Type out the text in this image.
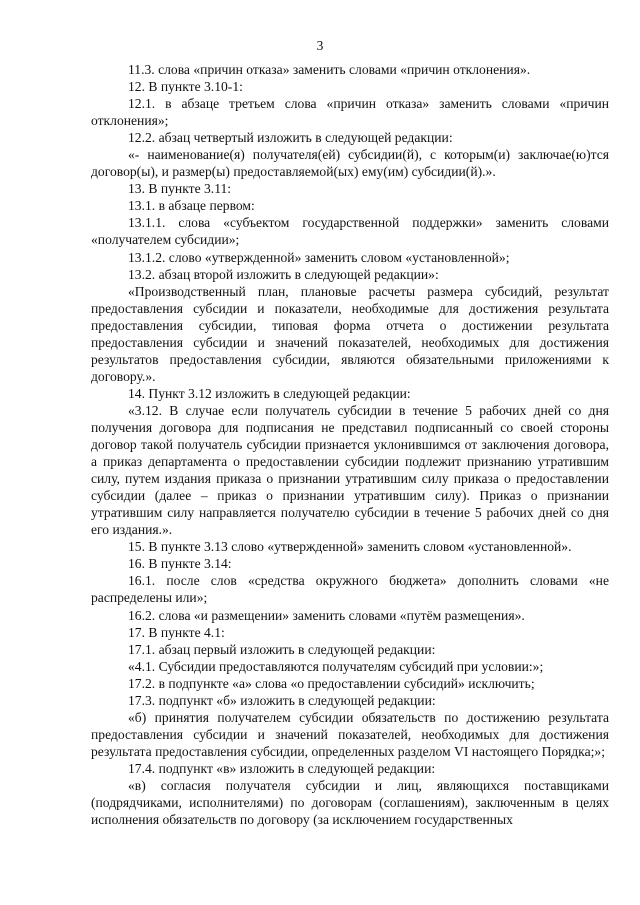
3

11.3. слова «причин отказа» заменить словами «причин отклонения».

12. В пункте 3.10-1:

12.1. в абзаце третьем слова «причин отказа» заменить словами «причин отклонения»;

12.2. абзац четвертый изложить в следующей редакции:

«- наименование(я) получателя(ей) субсидии(й), с которым(и) заключае(ю)тся договор(ы), и размер(ы) предоставляемой(ых) ему(им) субсидии(й).».

13. В пункте 3.11:

13.1. в абзаце первом:

13.1.1. слова «субъектом государственной поддержки» заменить словами «получателем субсидии»;

13.1.2. слово «утвержденной» заменить словом «установленной»;

13.2. абзац второй изложить в следующей редакции»:

«Производственный план, плановые расчеты размера субсидий, результат предоставления субсидии и показатели, необходимые для достижения результата предоставления субсидии, типовая форма отчета о достижении результата предоставления субсидии и значений показателей, необходимых для достижения результатов предоставления субсидии, являются обязательными приложениями к договору.».

14. Пункт 3.12 изложить в следующей редакции:

«3.12. В случае если получатель субсидии в течение 5 рабочих дней со дня получения договора для подписания не представил подписанный со своей стороны договор такой получатель субсидии признается уклонившимся от заключения договора, а приказ департамента о предоставлении субсидии подлежит признанию утратившим силу, путем издания приказа о признании утратившим силу приказа о предоставлении субсидии (далее – приказ о признании утратившим силу). Приказ о признании утратившим силу направляется получателю субсидии в течение 5 рабочих дней со дня его издания.».

15. В пункте 3.13 слово «утвержденной» заменить словом «установленной».

16. В пункте 3.14:

16.1. после слов «средства окружного бюджета» дополнить словами «не распределены или»;

16.2. слова «и размещении» заменить словами «путём размещения».

17. В пункте 4.1:

17.1. абзац первый изложить в следующей редакции:

«4.1. Субсидии предоставляются получателям субсидий при условии:»;

17.2. в подпункте «а» слова «о предоставлении субсидий» исключить;

17.3. подпункт «б» изложить в следующей редакции:

«б) принятия получателем субсидии обязательств по достижению результата предоставления субсидии и значений показателей, необходимых для достижения результата предоставления субсидии, определенных разделом VI настоящего Порядка;»;

17.4. подпункт «в» изложить в следующей редакции:

«в) согласия получателя субсидии и лиц, являющихся поставщиками (подрядчиками, исполнителями) по договорам (соглашениям), заключенным в целях исполнения обязательств по договору (за исключением государственных
